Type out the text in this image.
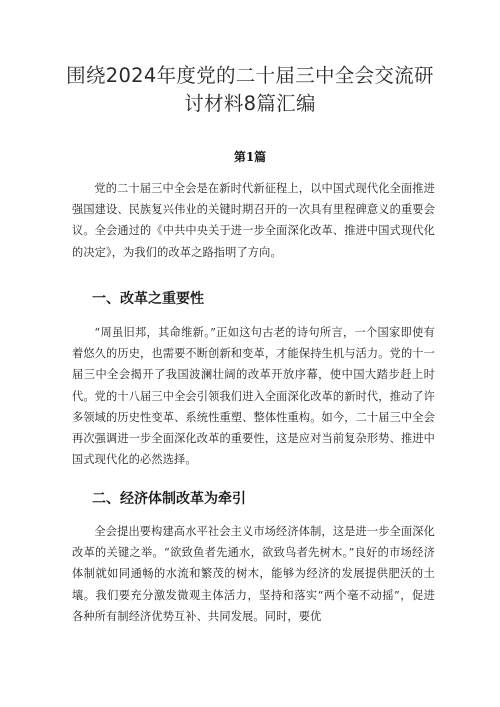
围绕2024年度党的二十届三中全会交流研讨材料8篇汇编
第1篇

党的二十届三中全会是在新时代新征程上，以中国式现代化全面推进强国建设、民族复兴伟业的关键时期召开的一次具有里程碑意义的重要会议。全会通过的《中共中央关于进一步全面深化改革、推进中国式现代化的决定》，为我们的改革之路指明了方向。

一、改革之重要性

“周虽旧邦，其命维新。”正如这句古老的诗句所言，一个国家即使有着悠久的历史，也需要不断创新和变革，才能保持生机与活力。党的十一届三中全会揭开了我国波澜壮阔的改革开放序幕，使中国大踏步赶上时代。党的十八届三中全会引领我们进入全面深化改革的新时代，推动了许多领域的历史性变革、系统性重塑、整体性重构。如今，二十届三中全会再次强调进一步全面深化改革的重要性，这是应对当前复杂形势、推进中国式现代化的必然选择。

二、经济体制改革为牵引

全会提出要构建高水平社会主义市场经济体制，这是进一步全面深化改革的关键之举。“欲致鱼者先通水，欲致鸟者先树木。”良好的市场经济体制就如同通畅的水流和繁茂的树木，能够为经济的发展提供肥沃的土壤。我们要充分激发微观主体活力，坚持和落实“两个毫不动摇”，促进各种所有制经济优势互补、共同发展。同时，要优
